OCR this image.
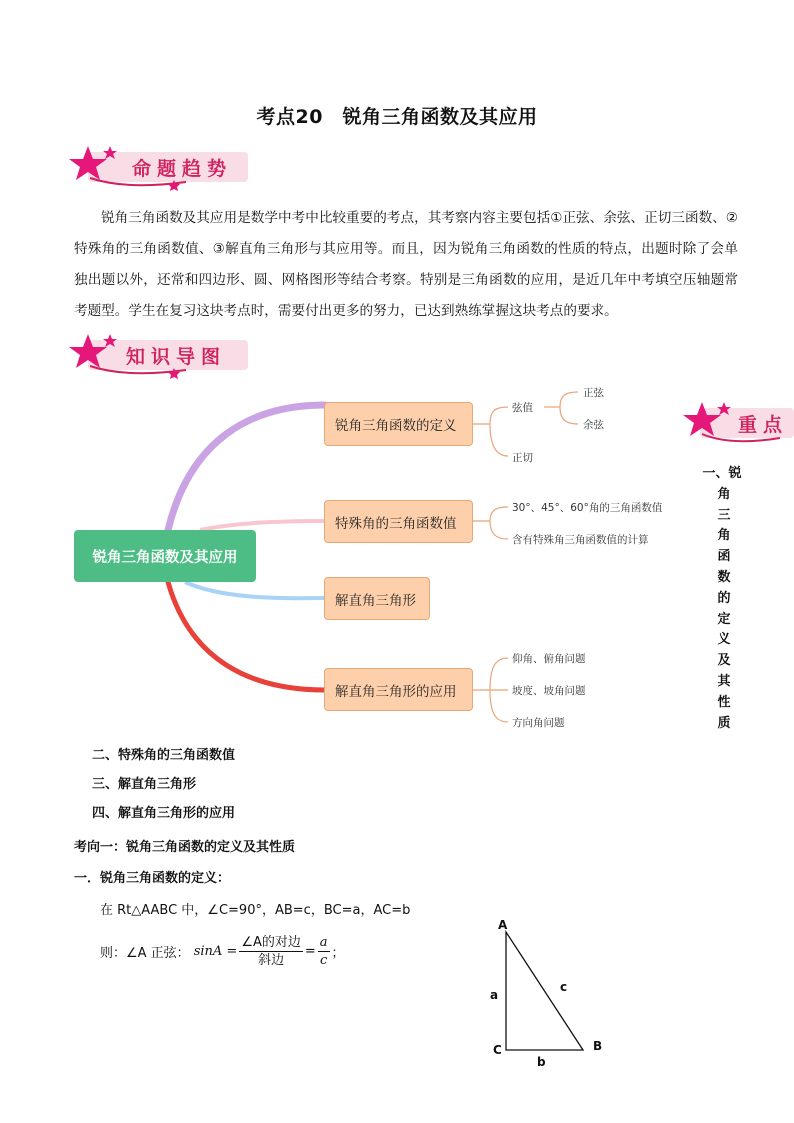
考点20　锐角三角函数及其应用
命题趋势
锐角三角函数及其应用是数学中考中比较重要的考点，其考察内容主要包括①正弦、余弦、正切三函数、②特殊角的三角函数值、③解直角三角形与其应用等。而且，因为锐角三角函数的性质的特点，出题时除了会单独出题以外，还常和四边形、圆、网格图形等结合考察。特别是三角函数的应用，是近几年中考填空压轴题常考题型。学生在复习这块考点时，需要付出更多的努力，已达到熟练掌握这块考点的要求。
知识导图
重点
锐角三角函数及其应用
锐角三角函数的定义
特殊角的三角函数值
解直角三角形
解直角三角形的应用
弦值
正切
正弦
余弦
30°、45°、60°角的三角函数值
含有特殊角三角函数值的计算
仰角、俯角问题
坡度、坡角问题
方向角问题
一、锐
角
三
角
函
数
的
定
义
及
其
性
质
二、特殊角的三角函数值
三、解直角三角形
四、解直角三角形的应用
考向一：锐角三角函数的定义及其性质
一．锐角三角函数的定义：
在 Rt△AABC 中，∠C=90°，AB=c，BC=a，AC=b
则：∠A 正弦： $\sin A = \frac{\text{∠A的对边}}{\text{斜边}} = \frac{a}{c}$ ；
A
C	B
a
b
c
